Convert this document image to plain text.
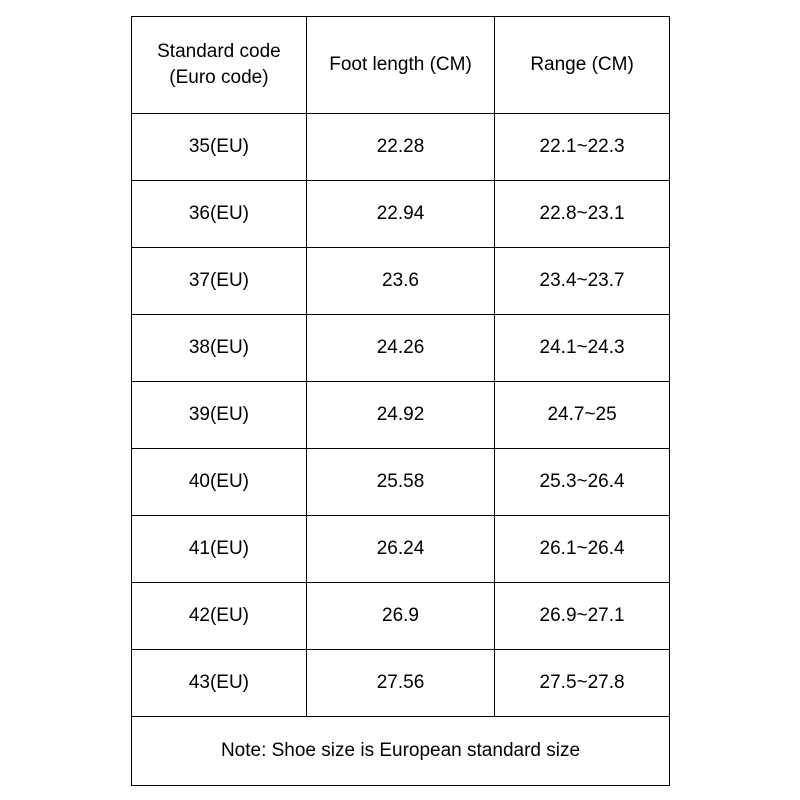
Standard code
(Euro code)	Foot length (CM)	Range (CM)
35(EU)	22.28	22.1~22.3
36(EU)	22.94	22.8~23.1
37(EU)	23.6	23.4~23.7
38(EU)	24.26	24.1~24.3
39(EU)	24.92	24.7~25
40(EU)	25.58	25.3~26.4
41(EU)	26.24	26.1~26.4
42(EU)	26.9	26.9~27.1
43(EU)	27.56	27.5~27.8
Note: Shoe size is European standard size		
